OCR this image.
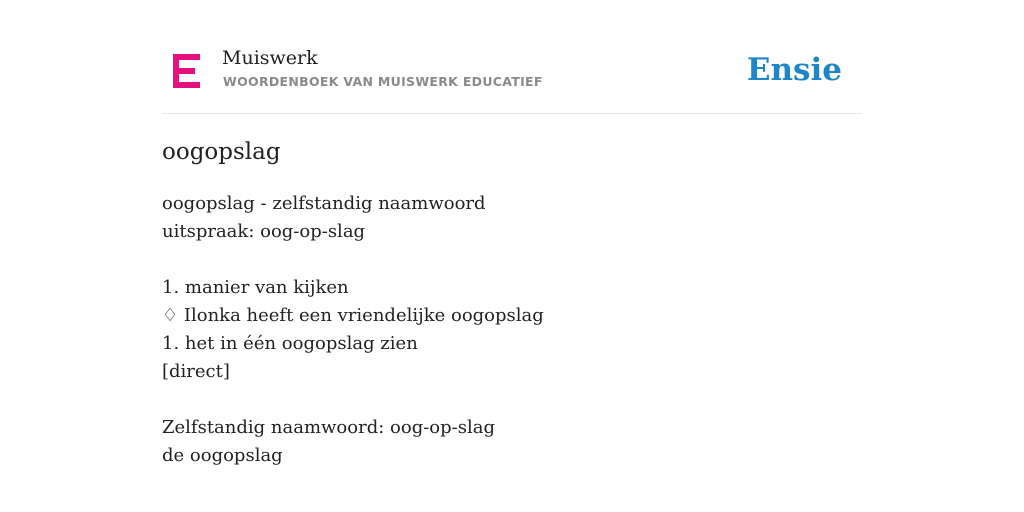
Muiswerk
WOORDENBOEK VAN MUISWERK EDUCATIEF	Ensie
oogopslag
oogopslag - zelfstandig naamwoord
uitspraak: oog-op-slag
1. manier van kijken
♢ Ilonka heeft een vriendelijke oogopslag
1. het in één oogopslag zien
[direct]
Zelfstandig naamwoord: oog-op-slag
de oogopslag
